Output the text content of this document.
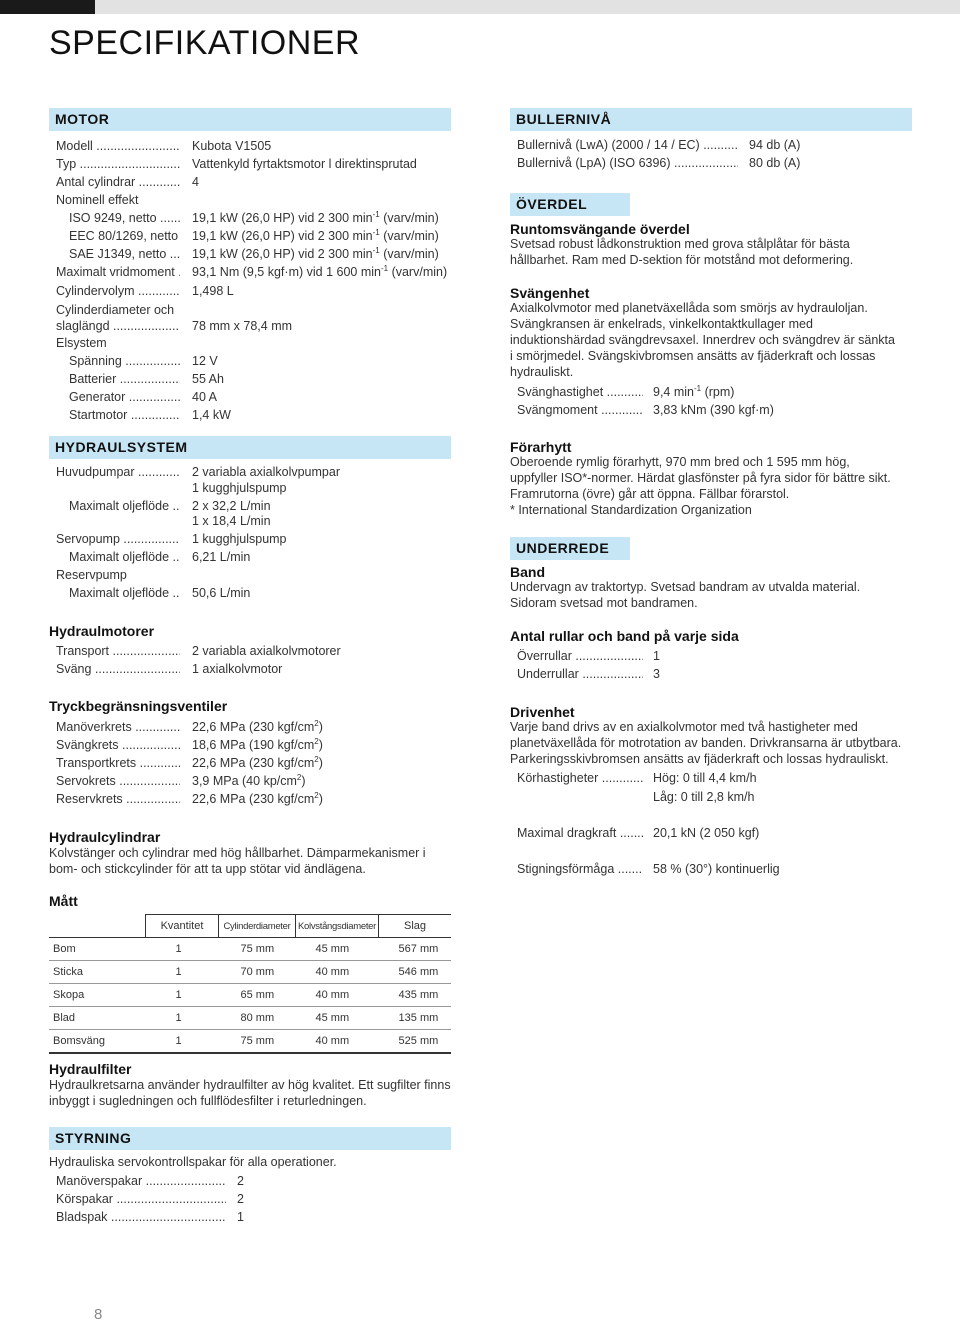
SPECIFIKATIONER
MOTOR
Modell .....	Kubota V1505
Typ .....	Vattenkyld fyrtaktsmotor l direktinsprutad
Antal cylindrar .....	4
Nominell effekt
ISO 9249, netto .....	19,1 kW (26,0 HP) vid 2 300 $\min^{-1}$ (varv/min)
EEC 80/1269, netto ..... 19,1 kW (26,0 HP) vid 2 300 $\min^{-1}$ (varv/min)
SAE J1349, netto .....	19,1 kW (26,0 HP) vid 2 300 $\min^{-1}$ (varv/min)
Maximalt vridmoment .....	93,1 Nm (9,5 kgf·m) vid 1 600 $\min^{-1}$ (varv/min)
Cylindervolym .....	1,498 L
Cylinderdiameter och
slaglängd .....	78 mm x 78,4 mm
Elsystem
Spänning .....	12 V
Batterier .....	55 Ah
Generator .....	40 A
Startmotor .....	1,4 kW
HYDRAULSYSTEM
Huvudpumpar .....	2 variabla axialkolvpumpar
1 kugghjulspump
Maximalt oljeflöde .....	2 x 32,2 L/min
1 x 18,4 L/min
Servopump .....	1 kugghjulspump
Maximalt oljeflöde .....	6,21 L/min
Reservpump
Maximalt oljeflöde .....	50,6 L/min
Hydraulmotorer
Transport .....	2 variabla axialkolvmotorer
Sväng .....	1 axialkolvmotor
Tryckbegränsningsventiler
Manöverkrets .....	22,6 MPa (230 kgf/$cm^2$)
Svängkrets .....	18,6 MPa (190 kgf/$cm^2$)
Transportkrets .....	22,6 MPa (230 kgf/$cm^2$)
Servokrets .....	3,9 MPa (40 $kp/cm^2$)
Reservkrets .....	22,6 MPa (230 kgf/$cm^2$)
Hydraulcylindrar
Kolvstänger och cylindrar med hög hållbarhet. Dämparmekanismer i
bom- och stickcylinder för att ta upp stötar vid ändlägena.
Mått
	Kvantitet	Cylinderdiameter	Kolvstångsdiameter	Slag
Bom	1	75 mm	45 mm	567 mm
Sticka	1	70 mm	40 mm	546 mm
Skopa	1	65 mm	40 mm	435 mm
Blad	1	80 mm	45 mm	135 mm
Bomsväng	1	75 mm	40 mm	525 mm
Hydraulfilter
Hydraulkretsarna använder hydraulfilter av hög kvalitet. Ett sugfilter finns
inbyggt i sugledningen och fullflödesfilter i returledningen.
STYRNING
Hydrauliska servokontrollspakar för alla operationer.
Manöverspakar .....	2
Körspakar .....	2
Bladspak .....	1
8
BULLERNIVÅ
Bullernivå (LwA) (2000 / 14 / EC) .....	94 db (A)
Bullernivå (LpA) (ISO 6396) .....	80 db (A)
ÖVERDEL
Runtomsvängande överdel
Svetsad robust lådkonstruktion med grova stålplåtar för bästa
hållbarhet. Ram med D-sektion för motstånd mot deformering.
Svängenhet
Axialkolvmotor med planetväxellåda som smörjs av hydrauloljan.
Svängkransen är enkelrads, vinkelkontaktkullager med
induktionshärdad svängdrevsaxel. Innerdrev och svängdrev är sänkta
i smörjmedel. Svängskivbromsen ansätts av fjäderkraft och lossas
hydrauliskt.
Svänghastighet .....	9,4 $\min^{-1} (rpm)$
Svängmoment .....	3,83 kNm (390 kgf·m)
Förarhytt
Oberoende rymlig förarhytt, 970 mm bred och 1 595 mm hög,
uppfyller ISO*-normer. Härdat glasfönster på fyra sidor för bättre sikt.
Framrutorna (övre) går att öppna. Fällbar förarstol.
* International Standardization Organization
UNDERREDE
Band
Undervagn av traktortyp. Svetsad bandram av utvalda material.
Sidoram svetsad mot bandramen.
Antal rullar och band på varje sida
Överrullar .....	1
Underrullar .....	3
Drivenhet
Varje band drivs av en axialkolvmotor med två hastigheter med
planetväxellåda för motrotation av banden. Drivkransarna är utbytbara.
Parkeringsskivbromsen ansätts av fjäderkraft och lossas hydrauliskt.
Körhastigheter .....	Hög: 0 till 4,4 km/h
Låg: 0 till 2,8 km/h
Maximal dragkraft .....	20,1 kN (2 050 kgf)
Stigningsförmåga .....	58 % (30°) kontinuerlig
